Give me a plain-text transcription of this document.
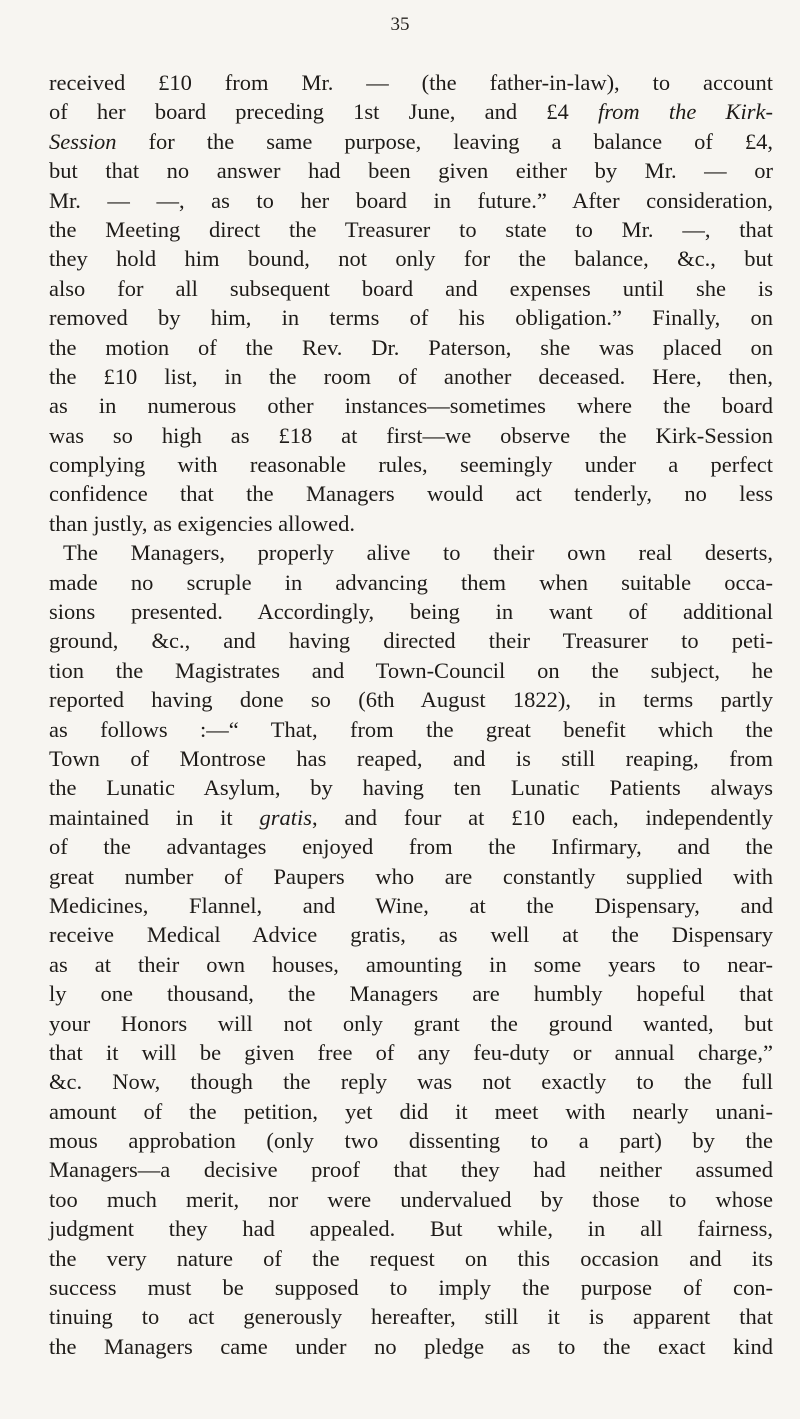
35
received £10 from Mr. — (the father-in-law), to account
of her board preceding 1st June, and £4 from the Kirk-
Session for the same purpose, leaving a balance of £4,
but that no answer had been given either by Mr. — or
Mr. — —, as to her board in future.” After consideration,
the Meeting direct the Treasurer to state to Mr. —, that
they hold him bound, not only for the balance, &c., but
also for all subsequent board and expenses until she is
removed by him, in terms of his obligation.” Finally, on
the motion of the Rev. Dr. Paterson, she was placed on
the £10 list, in the room of another deceased. Here, then,
as in numerous other instances—sometimes where the board
was so high as £18 at first—we observe the Kirk-Session
complying with reasonable rules, seemingly under a perfect
confidence that the Managers would act tenderly, no less
than justly, as exigencies allowed.
The Managers, properly alive to their own real deserts,
made no scruple in advancing them when suitable occa-
sions presented. Accordingly, being in want of additional
ground, &c., and having directed their Treasurer to peti-
tion the Magistrates and Town-Council on the subject, he
reported having done so (6th August 1822), in terms partly
as follows :—“ That, from the great benefit which the
Town of Montrose has reaped, and is still reaping, from
the Lunatic Asylum, by having ten Lunatic Patients always
maintained in it gratis, and four at £10 each, independently
of the advantages enjoyed from the Infirmary, and the
great number of Paupers who are constantly supplied with
Medicines, Flannel, and Wine, at the Dispensary, and
receive Medical Advice gratis, as well at the Dispensary
as at their own houses, amounting in some years to near-
ly one thousand, the Managers are humbly hopeful that
your Honors will not only grant the ground wanted, but
that it will be given free of any feu-duty or annual charge,”
&c. Now, though the reply was not exactly to the full
amount of the petition, yet did it meet with nearly unani-
mous approbation (only two dissenting to a part) by the
Managers—a decisive proof that they had neither assumed
too much merit, nor were undervalued by those to whose
judgment they had appealed. But while, in all fairness,
the very nature of the request on this occasion and its
success must be supposed to imply the purpose of con-
tinuing to act generously hereafter, still it is apparent that
the Managers came under no pledge as to the exact kind
